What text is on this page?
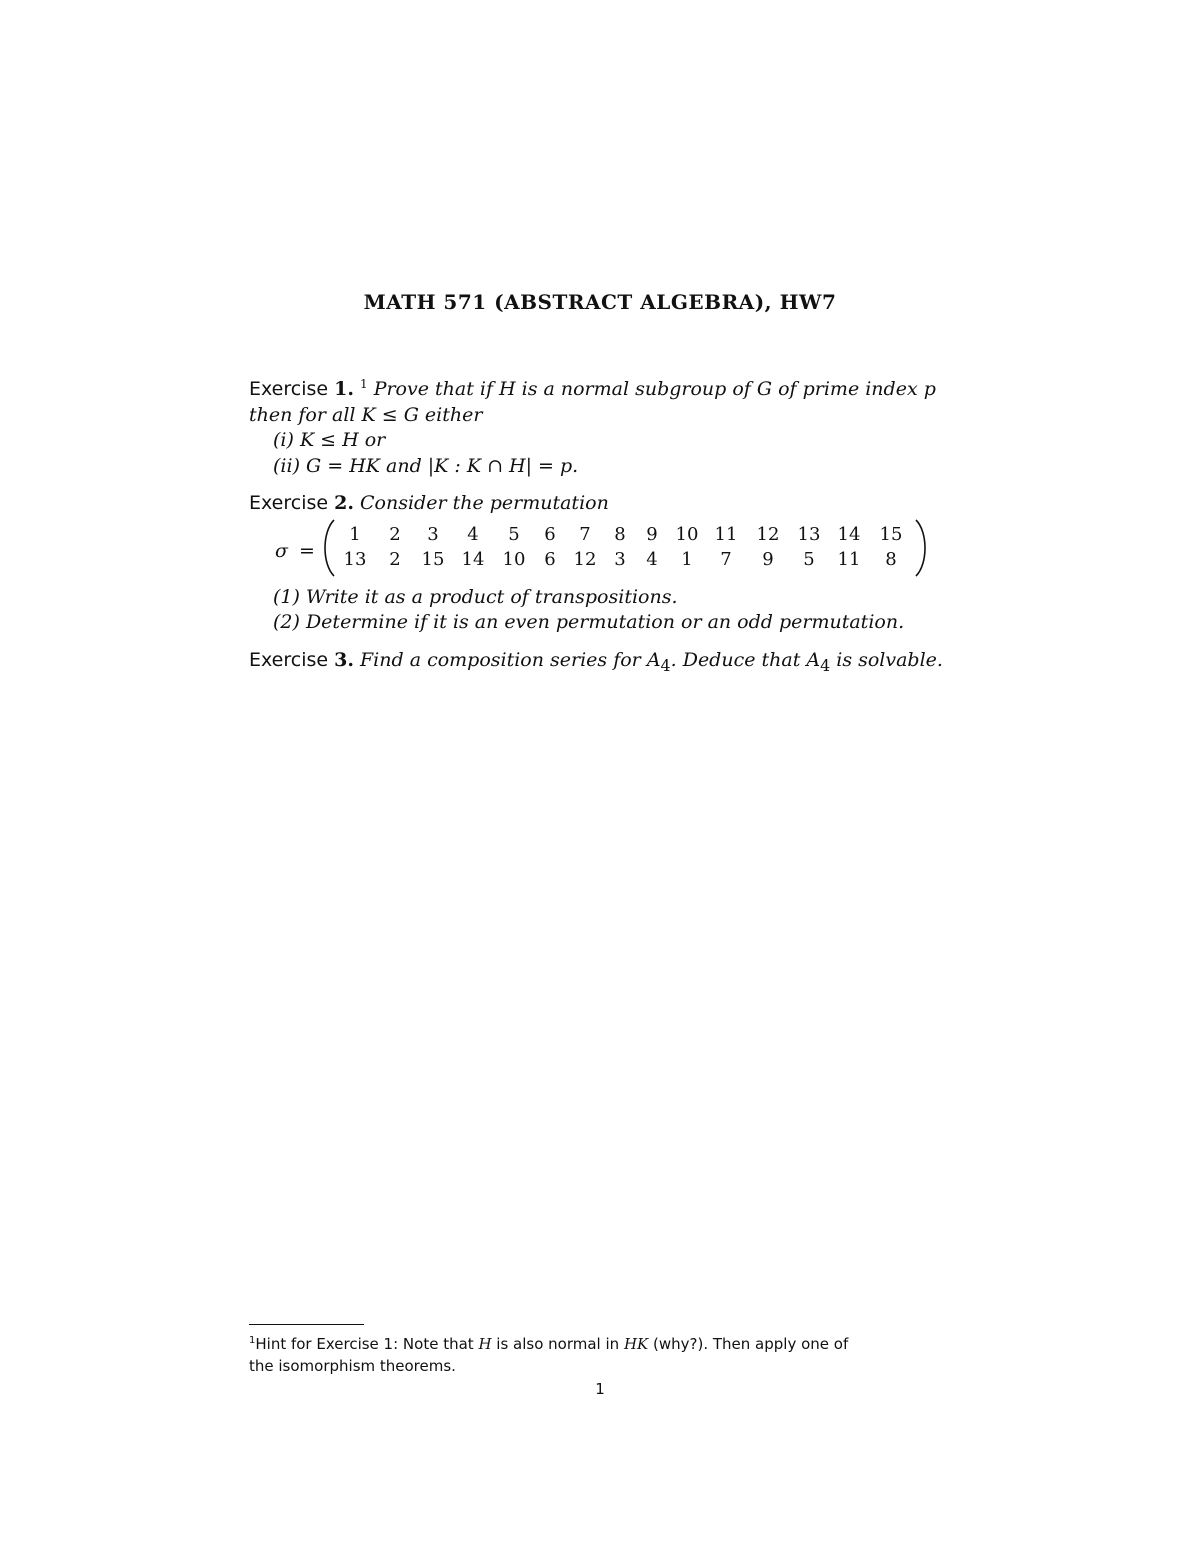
MATH 571 (ABSTRACT ALGEBRA), HW7

Exercise 1. $^1$ Prove that if H is a normal subgroup of G of prime index p

then for all K ≤ G either

(i) K ≤ H or

(ii) G = HK and |K : K ∩ H| = p.

Exercise 2. Consider the permutation

σ =
1	2	3	4	5	6	7	8	9 10 11 12 13 14 15
13	2	15 14 10	6 12 3	4	1	7	9	5	11	8

(1) Write it as a product of transpositions.

(2) Determine if it is an even permutation or an odd permutation.

Exercise 3. Find a composition series for $A_4$. Deduce that $A_4$ is solvable.

$^1$Hint for Exercise 1: Note that H is also normal in HK (why?). Then apply one of
the isomorphism theorems.
1
